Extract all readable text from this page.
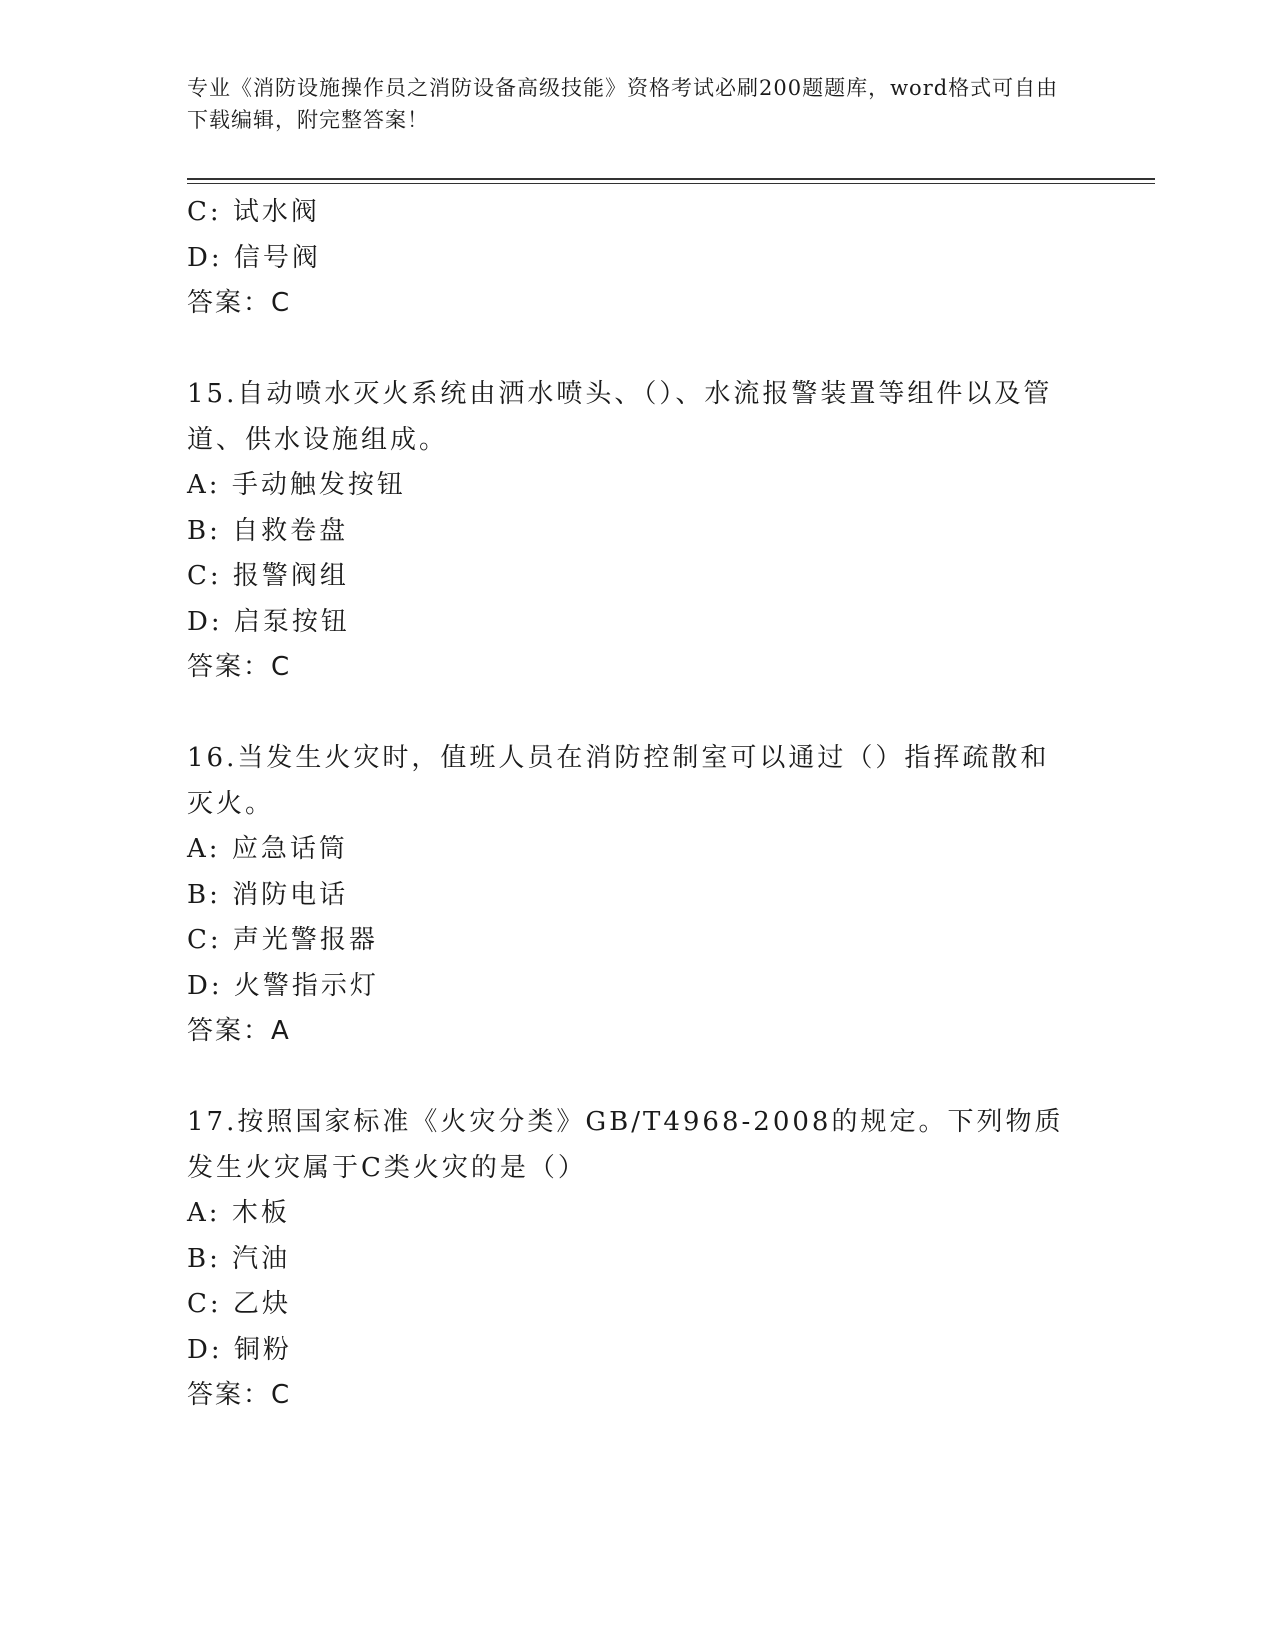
专业《消防设施操作员之消防设备高级技能》资格考试必刷200题题库，word格式可自由下载编辑，附完整答案！
C: 试水阀
D: 信号阀
答案：C
15.自动喷水灭火系统由洒水喷头、（）、水流报警装置等组件以及管道、供水设施组成。
A: 手动触发按钮
B: 自救卷盘
C: 报警阀组
D: 启泵按钮
答案：C
16.当发生火灾时，值班人员在消防控制室可以通过（）指挥疏散和灭火。
A: 应急话筒
B: 消防电话
C: 声光警报器
D: 火警指示灯
答案：A
17.按照国家标准《火灾分类》GB/T4968-2008的规定。下列物质发生火灾属于C类火灾的是（）
A: 木板
B: 汽油
C: 乙炔
D: 铜粉
答案：C
